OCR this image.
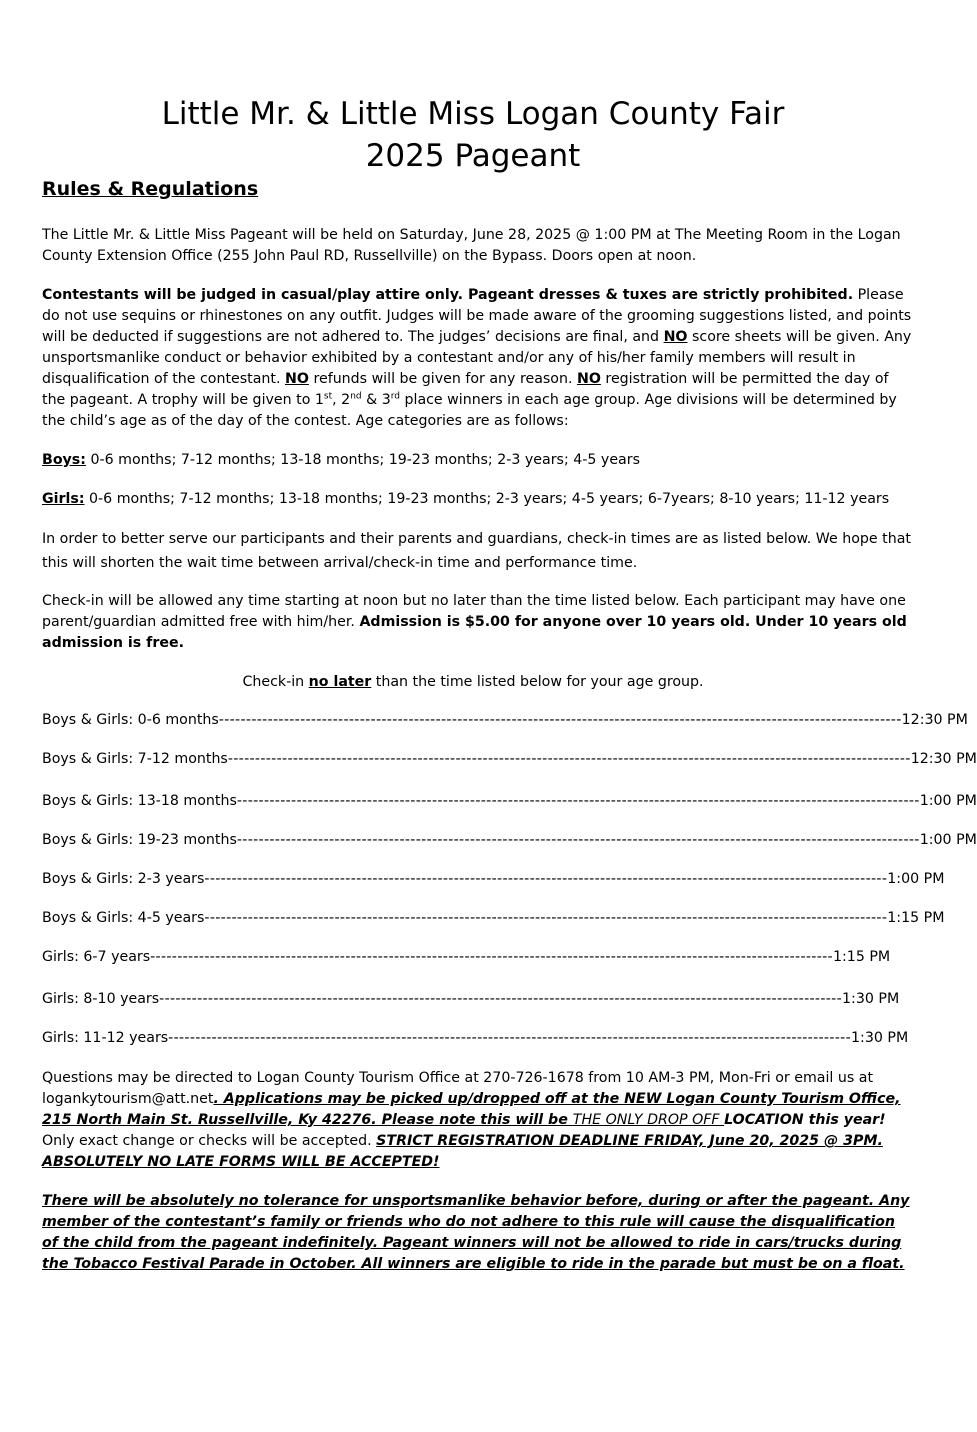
Little Mr. & Little Miss Logan County Fair
2025 Pageant
Rules & Regulations
The Little Mr. & Little Miss Pageant will be held on Saturday, June 28, 2025 @ 1:00 PM at The Meeting Room in the Logan County Extension Office (255 John Paul RD, Russellville) on the Bypass. Doors open at noon.
Contestants will be judged in casual/play attire only. Pageant dresses & tuxes are strictly prohibited. Please do not use sequins or rhinestones on any outfit. Judges will be made aware of the grooming suggestions listed, and points will be deducted if suggestions are not adhered to. The judges’ decisions are final, and NO score sheets will be given. Any unsportsmanlike conduct or behavior exhibited by a contestant and/or any of his/her family members will result in disqualification of the contestant. NO refunds will be given for any reason. NO registration will be permitted the day of the pageant. A trophy will be given to 1st, 2nd & 3rd place winners in each age group. Age divisions will be determined by the child’s age as of the day of the contest. Age categories are as follows:
Boys: 0-6 months; 7-12 months; 13-18 months; 19-23 months; 2-3 years; 4-5 years
Girls: 0-6 months; 7-12 months; 13-18 months; 19-23 months; 2-3 years; 4-5 years; 6-7years; 8-10 years; 11-12 years
In order to better serve our participants and their parents and guardians, check-in times are as listed below. We hope that
this will shorten the wait time between arrival/check-in time and performance time.
Check-in will be allowed any time starting at noon but no later than the time listed below. Each participant may have one parent/guardian admitted free with him/her. Admission is $5.00 for anyone over 10 years old. Under 10 years old admission is free.
Check-in no later than the time listed below for your age group.
Boys & Girls: 0-6 months ------------------------------------------------------------------------------------------------------------------------------ 12:30 PM
Boys & Girls: 7-12 months ------------------------------------------------------------------------------------------------------------------------------ 12:30 PM
Boys & Girls: 13-18 months ------------------------------------------------------------------------------------------------------------------------------ 1:00 PM
Boys & Girls: 19-23 months ------------------------------------------------------------------------------------------------------------------------------ 1:00 PM
Boys & Girls: 2-3 years ------------------------------------------------------------------------------------------------------------------------------ 1:00 PM
Boys & Girls: 4-5 years ------------------------------------------------------------------------------------------------------------------------------ 1:15 PM
Girls: 6-7 years ------------------------------------------------------------------------------------------------------------------------------ 1:15 PM
Girls: 8-10 years ------------------------------------------------------------------------------------------------------------------------------ 1:30 PM
Girls: 11-12 years ------------------------------------------------------------------------------------------------------------------------------ 1:30 PM
Questions may be directed to Logan County Tourism Office at 270-726-1678 from 10 AM-3 PM, Mon-Fri or email us at logankytourism@att.net. Applications may be picked up/dropped off at the NEW Logan County Tourism Office, 215 North Main St. Russellville, Ky 42276. Please note this will be THE ONLY DROP OFF LOCATION this year! Only exact change or checks will be accepted. STRICT REGISTRATION DEADLINE FRIDAY, June 20, 2025 @ 3PM. ABSOLUTELY NO LATE FORMS WILL BE ACCEPTED!
There will be absolutely no tolerance for unsportsmanlike behavior before, during or after the pageant. Any member of the contestant’s family or friends who do not adhere to this rule will cause the disqualification of the child from the pageant indefinitely. Pageant winners will not be allowed to ride in cars/trucks during the Tobacco Festival Parade in October. All winners are eligible to ride in the parade but must be on a float.
